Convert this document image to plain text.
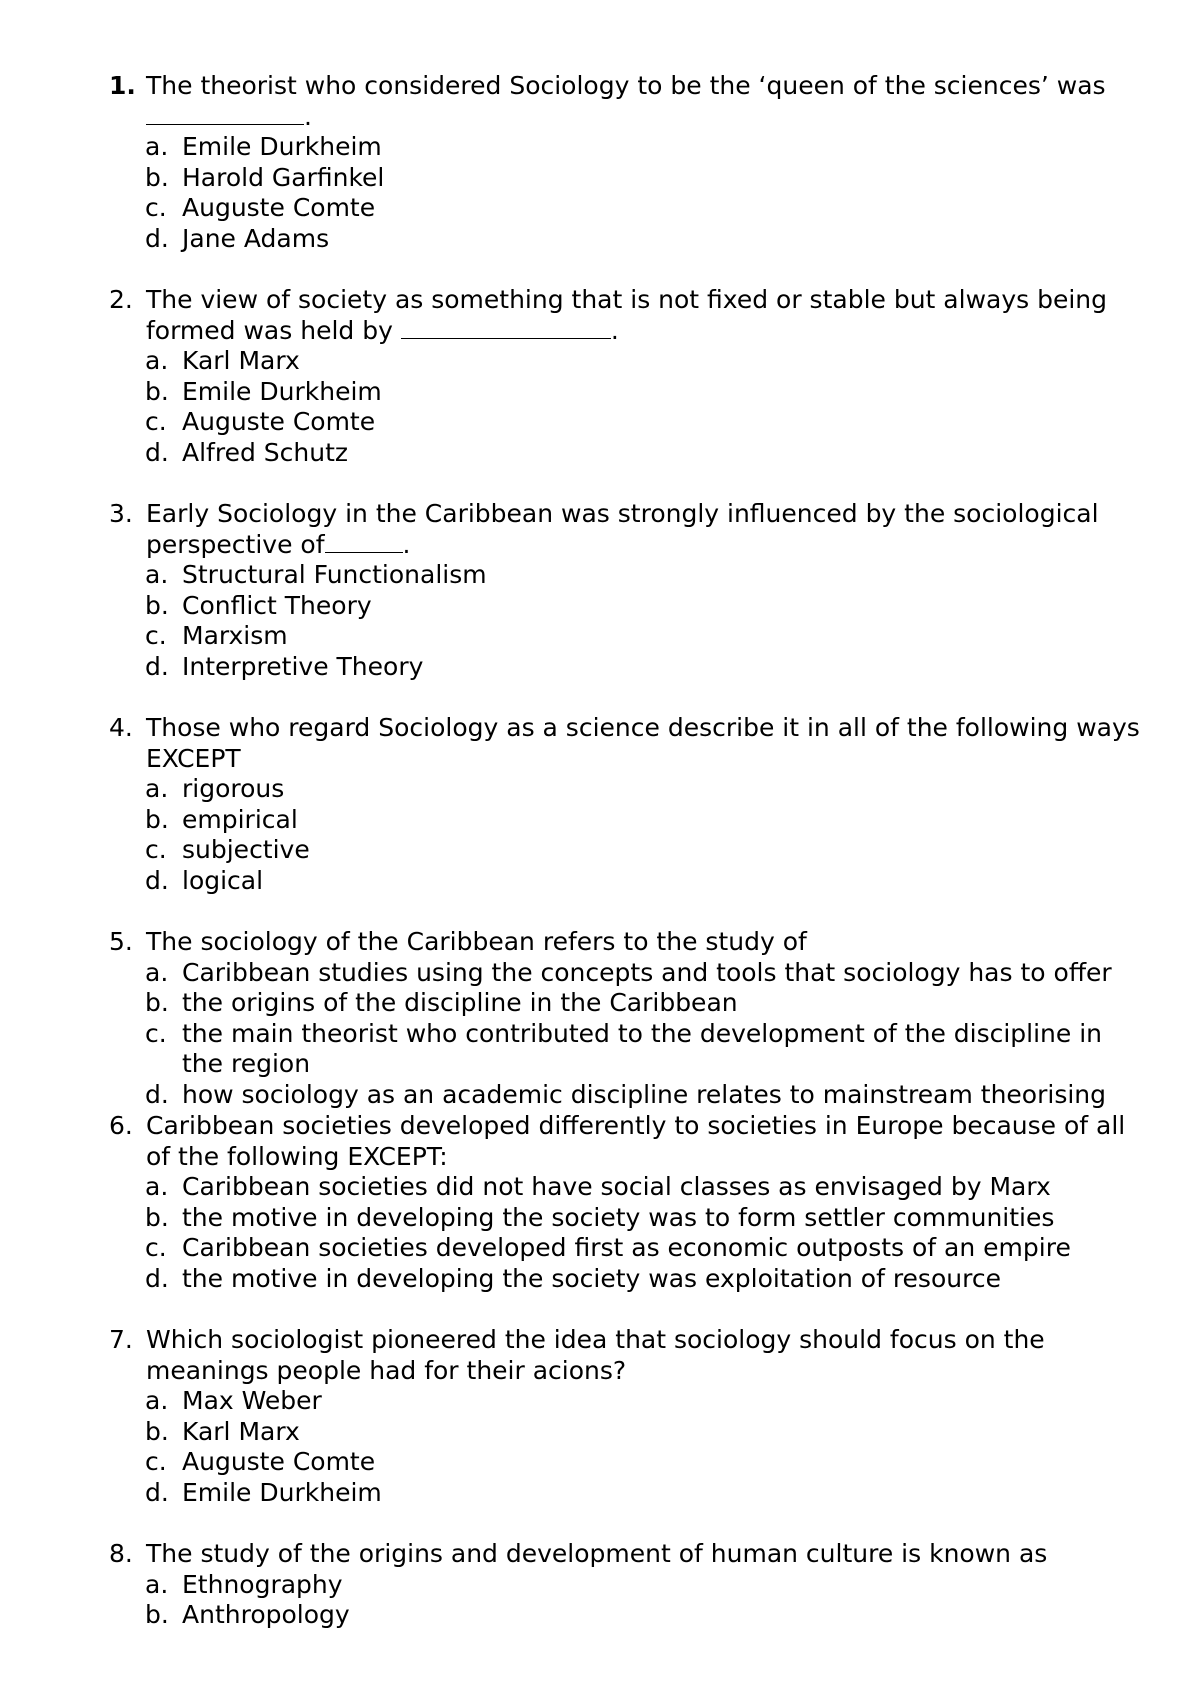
1. The theorist who considered Sociology to be the ‘queen of the sciences’ was
.
a. Emile Durkheim
b. Harold Garfinkel
c. Auguste Comte
d. Jane Adams
2. The view of society as something that is not fixed or stable but always being formed was held by	.
a. Karl Marx
b. Emile Durkheim
c. Auguste Comte
d. Alfred Schutz
3. Early Sociology in the Caribbean was strongly influenced by the sociological perspective of	.
a. Structural Functionalism
b. Conflict Theory
c. Marxism
d. Interpretive Theory
4. Those who regard Sociology as a science describe it in all of the following ways EXCEPT
a. rigorous
b. empirical
c. subjective
d. logical
5. The sociology of the Caribbean refers to the study of
a. Caribbean studies using the concepts and tools that sociology has to offer
b. the origins of the discipline in the Caribbean
c. the main theorist who contributed to the development of the discipline in the region
d. how sociology as an academic discipline relates to mainstream theorising
6. Caribbean societies developed differently to societies in Europe because of all of the following EXCEPT:
a. Caribbean societies did not have social classes as envisaged by Marx
b. the motive in developing the society was to form settler communities
c. Caribbean societies developed first as economic outposts of an empire
d. the motive in developing the society was exploitation of resource
7. Which sociologist pioneered the idea that sociology should focus on the meanings people had for their acions?
a. Max Weber
b. Karl Marx
c. Auguste Comte
d. Emile Durkheim
8. The study of the origins and development of human culture is known as
a. Ethnography
b. Anthropology
